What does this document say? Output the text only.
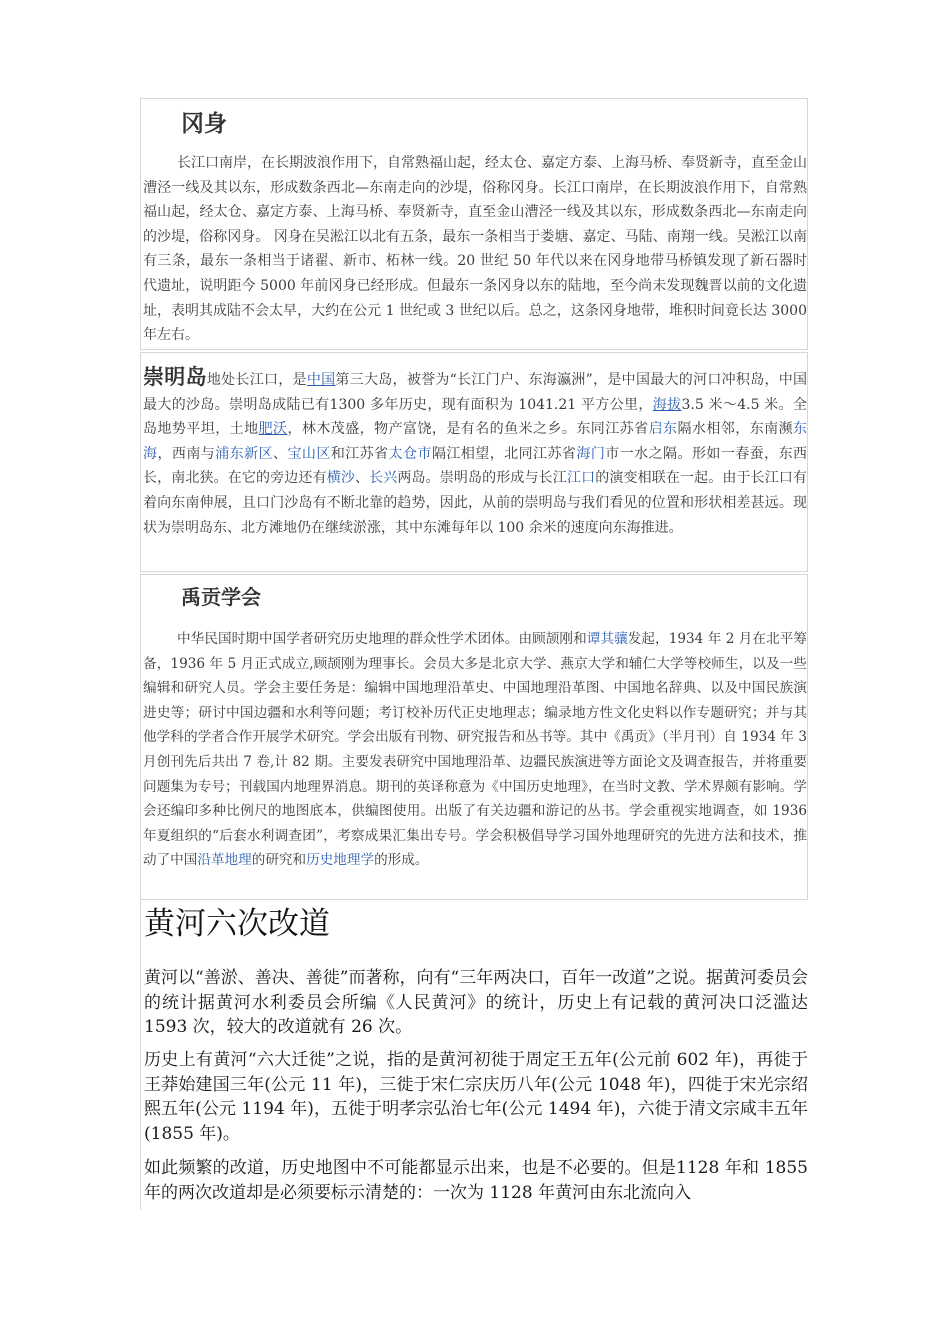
冈身

长江口南岸，在长期波浪作用下，自常熟福山起，经太仓、嘉定方泰、上海马桥、奉贤新寺，直至金山漕泾一线及其以东，形成数条西北—东南走向的沙堤，俗称冈身。长江口南岸，在长期波浪作用下，自常熟福山起，经太仓、嘉定方泰、上海马桥、奉贤新寺，直至金山漕泾一线及其以东，形成数条西北—东南走向的沙堤，俗称冈身。 冈身在吴淞江以北有五条，最东一条相当于娄塘、嘉定、马陆、南翔一线。吴淞江以南有三条，最东一条相当于诸翟、新市、柘林一线。20 世纪 50 年代以来在冈身地带马桥镇发现了新石器时代遗址，说明距今 5000 年前冈身已经形成。但最东一条冈身以东的陆地，至今尚未发现魏晋以前的文化遗址，表明其成陆不会太早，大约在公元 1 世纪或 3 世纪以后。总之，这条冈身地带，堆积时间竟长达 3000 年左右。

崇明岛地处长江口，是中国第三大岛，被誉为“长江门户、东海瀛洲”，是中国最大的河口冲积岛，中国最大的沙岛。崇明岛成陆已有1300 多年历史，现有面积为 1041.21 平方公里，海拔3.5 米～4.5 米。全岛地势平坦，土地肥沃，林木茂盛，物产富饶，是有名的鱼米之乡。东同江苏省启东隔水相邻，东南濒东海，西南与浦东新区、宝山区和江苏省太仓市隔江相望，北同江苏省海门市一水之隔。形如一春蚕，东西长，南北狭。在它的旁边还有横沙、长兴两岛。崇明岛的形成与长江江口的演变相联在一起。由于长江口有着向东南伸展，且口门沙岛有不断北靠的趋势，因此，从前的崇明岛与我们看见的位置和形状相差甚远。现状为崇明岛东、北方滩地仍在继续淤涨，其中东滩每年以 100 余米的速度向东海推进。

禹贡学会

中华民国时期中国学者研究历史地理的群众性学术团体。由顾颉刚和谭其骧发起，1934 年 2 月在北平筹备，1936 年 5 月正式成立,顾颉刚为理事长。会员大多是北京大学、燕京大学和辅仁大学等校师生，以及一些编辑和研究人员。学会主要任务是：编辑中国地理沿革史、中国地理沿革图、中国地名辞典、以及中国民族演进史等；研讨中国边疆和水利等问题；考订校补历代正史地理志；编录地方性文化史料以作专题研究；并与其他学科的学者合作开展学术研究。学会出版有刊物、研究报告和丛书等。其中《禹贡》（半月刊）自 1934 年 3 月创刊先后共出 7 卷,计 82 期。主要发表研究中国地理沿革、边疆民族演进等方面论文及调查报告，并将重要问题集为专号；刊载国内地理界消息。期刊的英译称意为《中国历史地理》，在当时文教、学术界颇有影响。学会还编印多种比例尺的地图底本，供编图使用。出版了有关边疆和游记的丛书。学会重视实地调查，如 1936 年夏组织的“后套水利调查团”，考察成果汇集出专号。学会积极倡导学习国外地理研究的先进方法和技术，推动了中国沿革地理的研究和历史地理学的形成。

黄河六次改道

黄河以“善淤、善决、善徙”而著称，向有“三年两决口，百年一改道”之说。据黄河委员会的统计据黄河水利委员会所编《人民黄河》的统计，历史上有记载的黄河决口泛滥达 1593 次，较大的改道就有 26 次。

历史上有黄河“六大迁徙”之说，指的是黄河初徙于周定王五年(公元前 602 年)，再徙于王莽始建国三年(公元 11 年)，三徙于宋仁宗庆历八年(公元 1048 年)，四徙于宋光宗绍熙五年(公元 1194 年)，五徙于明孝宗弘治七年(公元 1494 年)，六徙于清文宗咸丰五年(1855 年)。

如此频繁的改道，历史地图中不可能都显示出来，也是不必要的。但是1128 年和 1855 年的两次改道却是必须要标示清楚的：一次为 1128 年黄河由东北流向入
